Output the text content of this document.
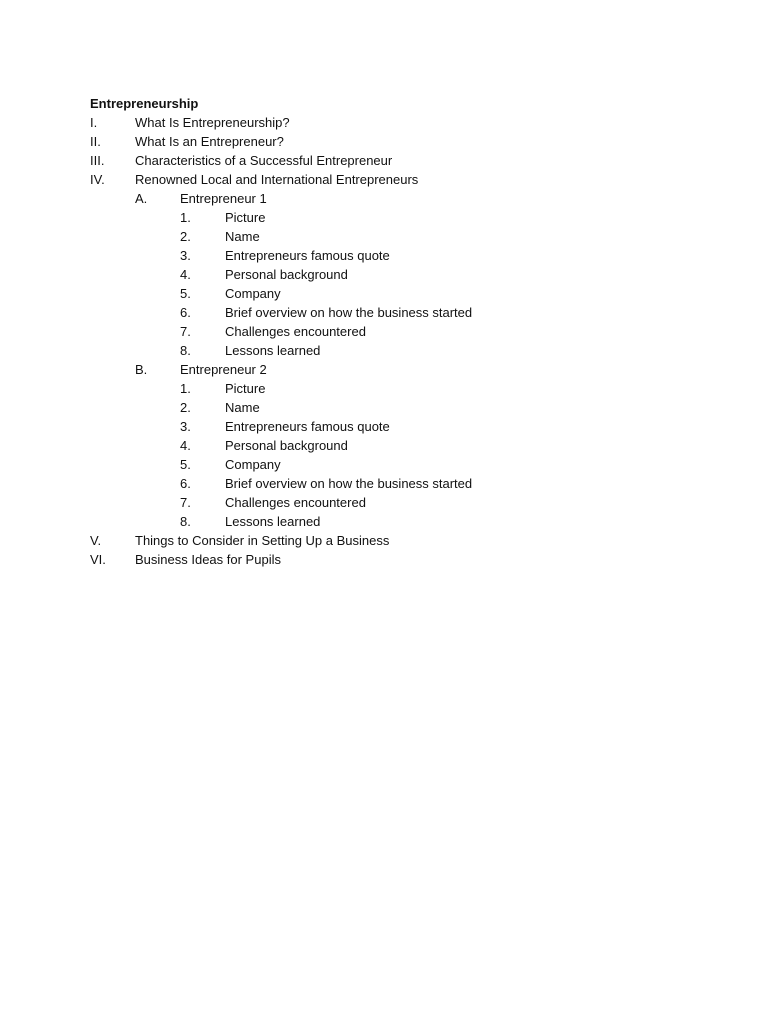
Entrepreneurship
I.	What Is Entrepreneurship?
II.	What Is an Entrepreneur?
III. Characteristics of a Successful Entrepreneur
IV. Renowned Local and International Entrepreneurs
A.	Entrepreneur 1
1.	Picture
2.	Name
3.	Entrepreneurs famous quote
4.	Personal background
5.	Company
6.	Brief overview on how the business started
7.	Challenges encountered
8.	Lessons learned
B.	Entrepreneur 2
1.	Picture
2.	Name
3.	Entrepreneurs famous quote
4.	Personal background
5.	Company
6.	Brief overview on how the business started
7.	Challenges encountered
8.	Lessons learned
V.	Things to Consider in Setting Up a Business
VI. Business Ideas for Pupils
